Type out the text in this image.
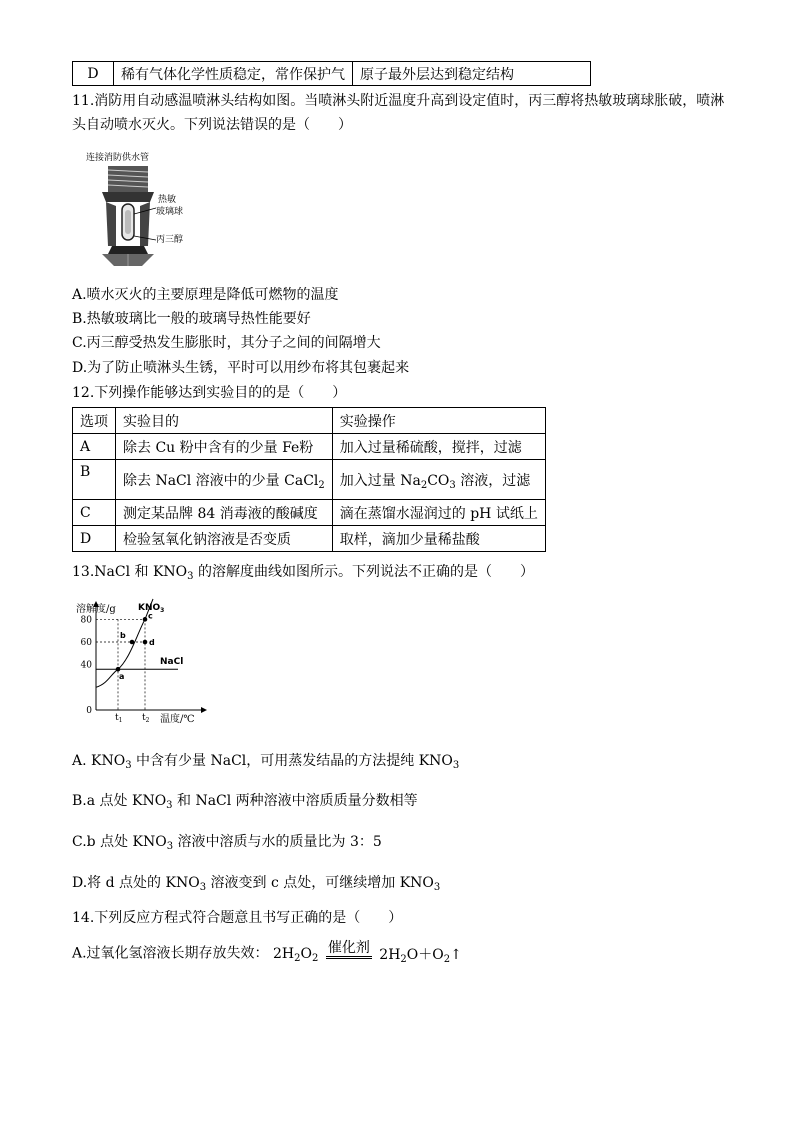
D	稀有气体化学性质稳定，常作保护气	原子最外层达到稳定结构
11.消防用自动感温喷淋头结构如图。当喷淋头附近温度升高到设定值时，丙三醇将热敏玻璃球胀破，喷淋
头自动喷水灭火。下列说法错误的是（　　）
连接消防供水管
热敏
玻璃球
丙三醇
A.喷水灭火的主要原理是降低可燃物的温度
B.热敏玻璃比一般的玻璃导热性能要好
C.丙三醇受热发生膨胀时，其分子之间的间隔增大
D.为了防止喷淋头生锈，平时可以用纱布将其包裹起来
12.下列操作能够达到实验目的的是（　　）
选项	实验目的	实验操作
A	除去 Cu 粉中含有的少量 Fe粉	加入过量稀硫酸，搅拌，过滤
B	除去 NaCl 溶液中的少量 CaCl$_2$	加入过量 $Na_2CO_3$ 溶液，过滤
C	测定某品牌 84 消毒液的酸碱度	滴在蒸馏水湿润过的 pH 试纸上
D	检验氢氧化钠溶液是否变质	取样，滴加少量稀盐酸
13.NaCl 和 $KNO_3$ 的溶解度曲线如图所示。下列说法不正确的是（　　）
溶解度/g
温度/℃
0
40
60
80
$t_1$ $t_2$
NaCl
$KNO_3$
a
b
c
d
A. $KNO_3$ 中含有少量 NaCl，可用蒸发结晶的方法提纯 $KNO_3$
B.a 点处 $KNO_3$ 和 NaCl 两种溶液中溶质质量分数相等
C.b 点处 $KNO_3$ 溶液中溶质与水的质量比为 3：5
D.将 d 点处的 $KNO_3$ 溶液变到 c 点处，可继续增加 $KNO_3$
14.下列反应方程式符合题意且书写正确的是（　　）
A.过氧化氢溶液长期存放失效： $2H_2O_2$
催化剂 $2H_2O+O_2↑$
